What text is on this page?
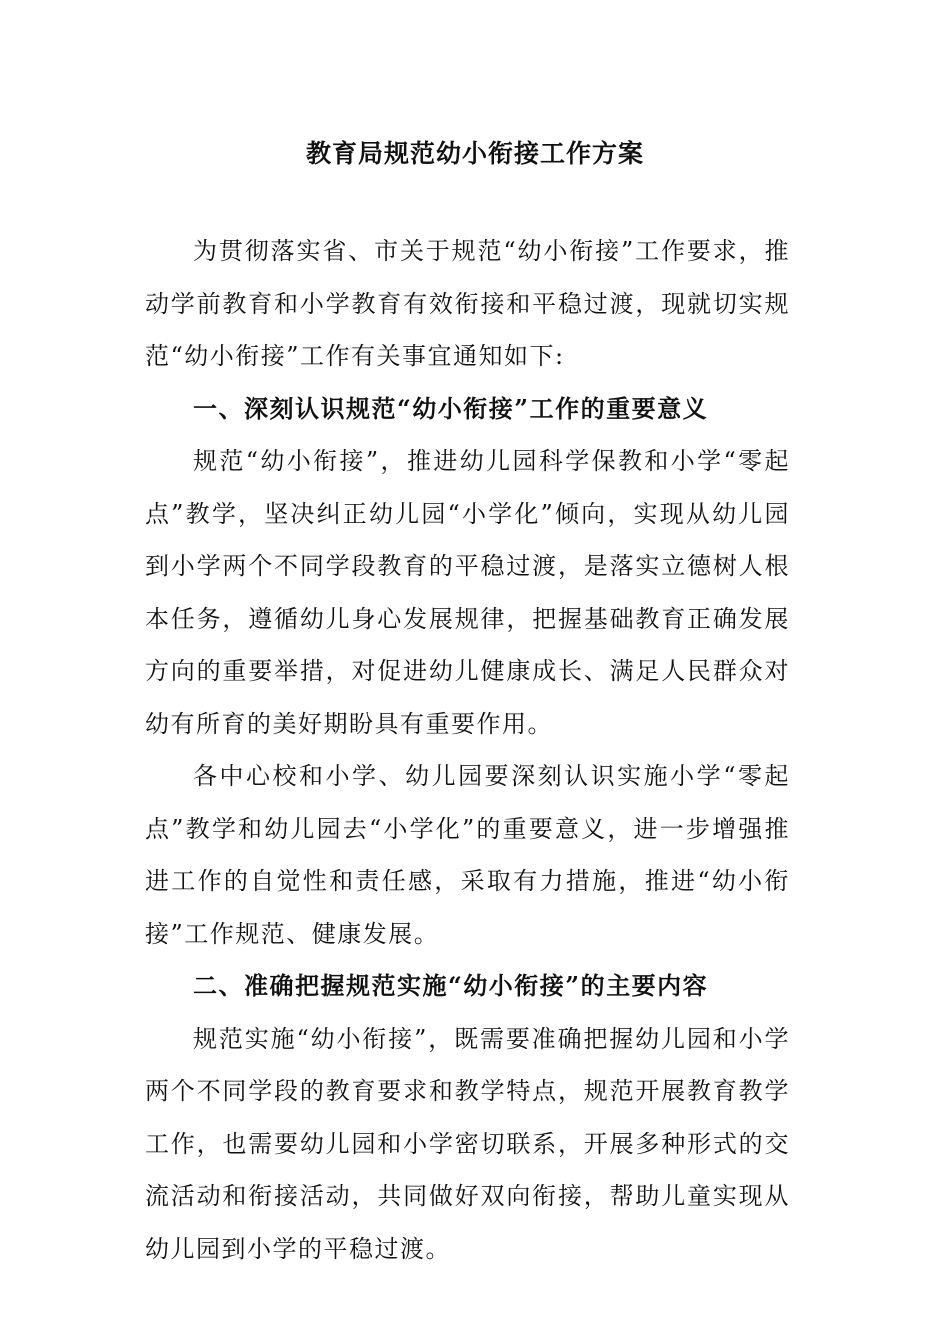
教育局规范幼小衔接工作方案

为贯彻落实省、市关于规范“幼小衔接”工作要求，推动学前教育和小学教育有效衔接和平稳过渡，现就切实规范“幼小衔接”工作有关事宜通知如下:

一、深刻认识规范“幼小衔接”工作的重要意义

规范“幼小衔接”，推进幼儿园科学保教和小学“零起点”教学，坚决纠正幼儿园“小学化”倾向，实现从幼儿园到小学两个不同学段教育的平稳过渡，是落实立德树人根本任务，遵循幼儿身心发展规律，把握基础教育正确发展方向的重要举措，对促进幼儿健康成长、满足人民群众对幼有所育的美好期盼具有重要作用。

各中心校和小学、幼儿园要深刻认识实施小学“零起点”教学和幼儿园去“小学化”的重要意义，进一步增强推进工作的自觉性和责任感，采取有力措施，推进“幼小衔接”工作规范、健康发展。

二、准确把握规范实施“幼小衔接”的主要内容

规范实施“幼小衔接”，既需要准确把握幼儿园和小学两个不同学段的教育要求和教学特点，规范开展教育教学工作，也需要幼儿园和小学密切联系，开展多种形式的交流活动和衔接活动，共同做好双向衔接，帮助儿童实现从幼儿园到小学的平稳过渡。
